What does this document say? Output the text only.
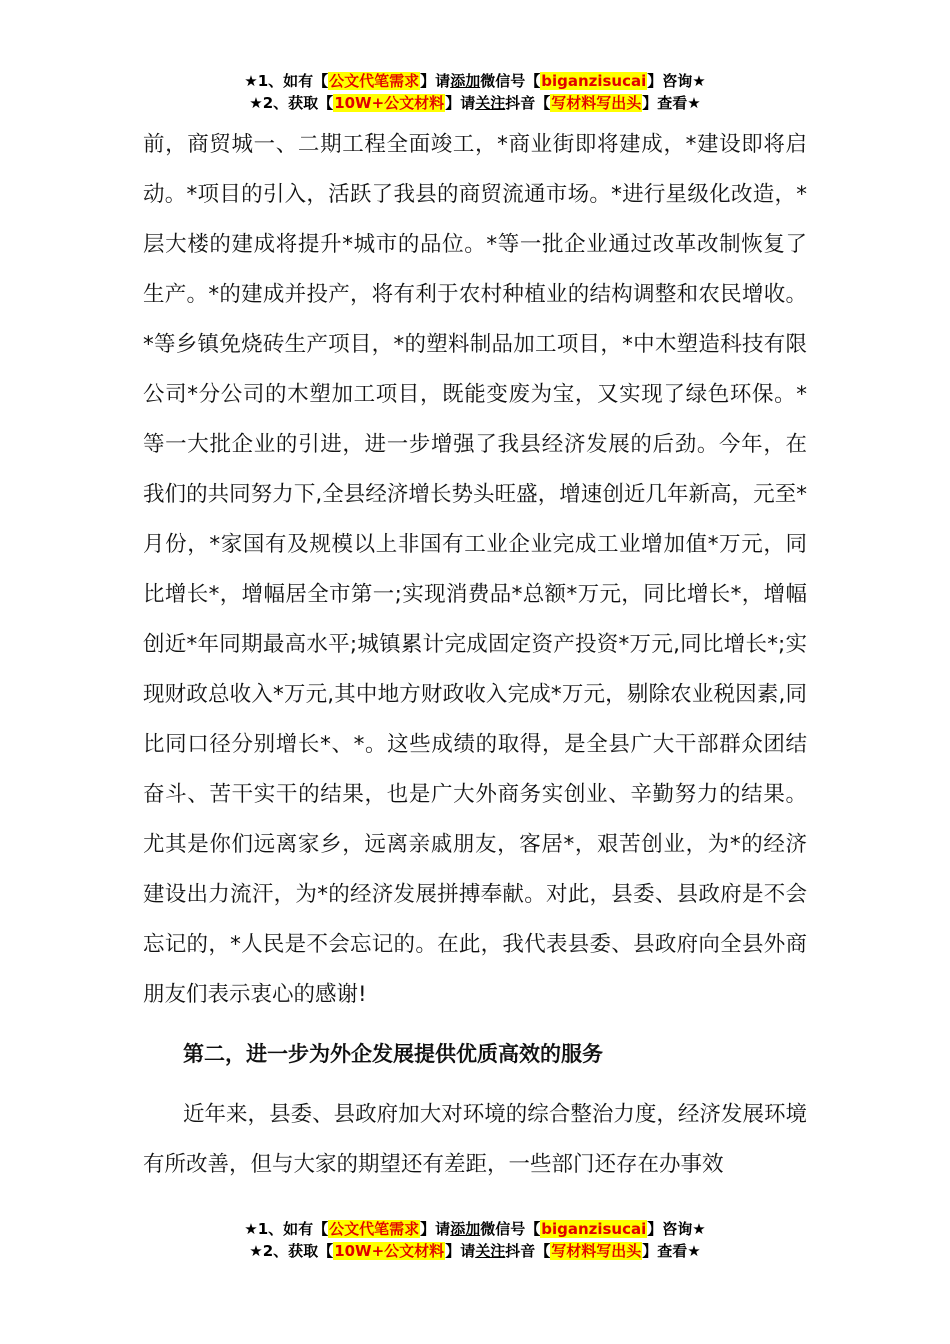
★1、如有【公文代笔需求】请添加微信号【biganzisucai】咨询★
★2、获取【10W+公文材料】请关注抖音【写材料写出头】查看★

前，商贸城一、二期工程全面竣工，*商业街即将建成，*建设即将启动。*项目的引入，活跃了我县的商贸流通市场。*进行星级化改造，*层大楼的建成将提升*城市的品位。*等一批企业通过改革改制恢复了生产。*的建成并投产，将有利于农村种植业的结构调整和农民增收。*等乡镇免烧砖生产项目，*的塑料制品加工项目，*中木塑造科技有限公司*分公司的木塑加工项目，既能变废为宝，又实现了绿色环保。*等一大批企业的引进，进一步增强了我县经济发展的后劲。今年，在我们的共同努力下,全县经济增长势头旺盛，增速创近几年新高，元至*月份，*家国有及规模以上非国有工业企业完成工业增加值*万元，同比增长*，增幅居全市第一;实现消费品*总额*万元，同比增长*，增幅创近*年同期最高水平;城镇累计完成固定资产投资*万元,同比增长*;实现财政总收入*万元,其中地方财政收入完成*万元，剔除农业税因素,同比同口径分别增长*、*。这些成绩的取得，是全县广大干部群众团结奋斗、苦干实干的结果，也是广大外商务实创业、辛勤努力的结果。尤其是你们远离家乡，远离亲戚朋友，客居*，艰苦创业，为*的经济建设出力流汗，为*的经济发展拼搏奉献。对此，县委、县政府是不会忘记的，*人民是不会忘记的。在此，我代表县委、县政府向全县外商朋友们表示衷心的感谢!

第二，进一步为外企发展提供优质高效的服务

近年来，县委、县政府加大对环境的综合整治力度，经济发展环境有所改善，但与大家的期望还有差距，一些部门还存在办事效

★1、如有【公文代笔需求】请添加微信号【biganzisucai】咨询★
★2、获取【10W+公文材料】请关注抖音【写材料写出头】查看★
